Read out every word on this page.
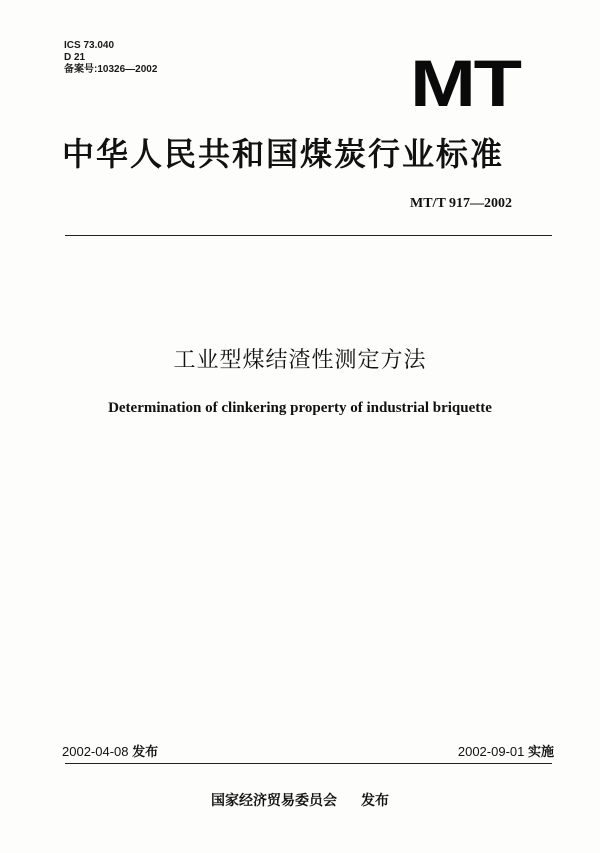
ICS 73.040
D 21
备案号:10326—2002	MT
中华人民共和国煤炭行业标准
MT/T 917—2002
工业型煤结渣性测定方法
Determination of clinkering property of industrial briquette
2002-04-08 发布	2002-09-01 实施
国家经济贸易委员会 发布
